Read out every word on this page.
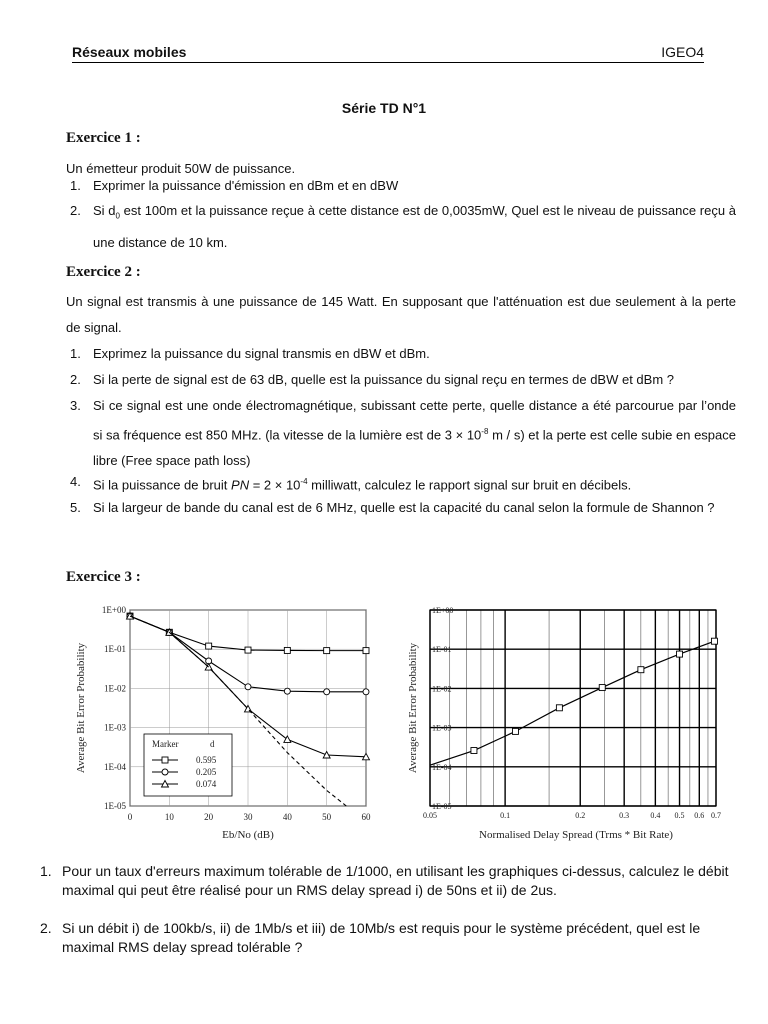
Réseaux mobiles	IGEO4
Série TD N°1
Exercice 1 :
Un émetteur produit 50W de puissance.
1. Exprimer la puissance d'émission en dBm et en dBW
2. Si $d_0$ est 100m et la puissance reçue à cette distance est de 0,0035mW, Quel est le niveau de puissance reçu à une distance de 10 km.
Exercice 2 :
Un signal est transmis à une puissance de 145 Watt. En supposant que l'atténuation est due seulement à la perte de signal.
1. Exprimez la puissance du signal transmis en dBW et dBm.
2. Si la perte de signal est de 63 dB, quelle est la puissance du signal reçu en termes de dBW et dBm ?
3. Si ce signal est une onde électromagnétique, subissant cette perte, quelle distance a été parcourue par l’onde si sa fréquence est 850 MHz. (la vitesse de la lumière est de $3 \times 10^{-8}$ m / s) et la perte est celle subie en espace libre (Free space path loss)
4. Si la puissance de bruit PN = $2 \times 10^{-4}$ milliwatt, calculez le rapport signal sur bruit en décibels.
5. Si la largeur de bande du canal est de 6 MHz, quelle est la capacité du canal selon la formule de Shannon ?
Exercice 3 :
Average Bit Error Probability
0	10	20	30	40	50	60
1E+00
1E-01
1E-02
1E-03
1E-04
1E-05
Marker	d
0.595
0.205
0.074
Eb/No (dB)
Average Bit Error Probability
0.05	0.1	0.2	0.3	0.4 0.5 0.6 0.7
1E+00
1E-01
1E-02
1E-03
1E-04
1E-05
Normalised Delay Spread (Trms * Bit Rate)
1. Pour un taux d'erreurs maximum tolérable de 1/1000, en utilisant les graphiques ci-dessus, calculez le débit maximal qui peut être réalisé pour un RMS delay spread i) de 50ns et ii) de 2us.
2. Si un débit i) de 100kb/s, ii) de 1Mb/s et iii) de 10Mb/s est requis pour le système précédent, quel est le maximal RMS delay spread tolérable ?
